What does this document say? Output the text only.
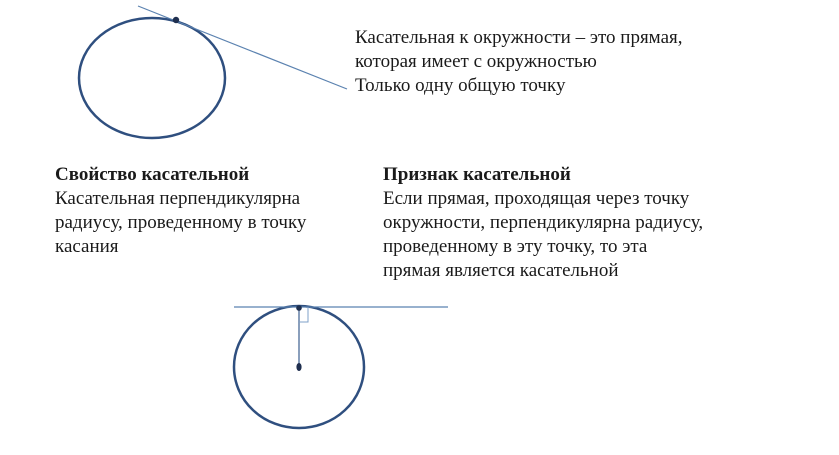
Касательная к окружности – это прямая,
которая имеет с окружностью
Только одну общую точку
Свойство касательной
Касательная перпендикулярна
радиусу, проведенному в точку
касания
Признак касательной
Если прямая, проходящая через точку
окружности, перпендикулярна радиусу,
проведенному в эту точку, то эта
прямая является касательной
